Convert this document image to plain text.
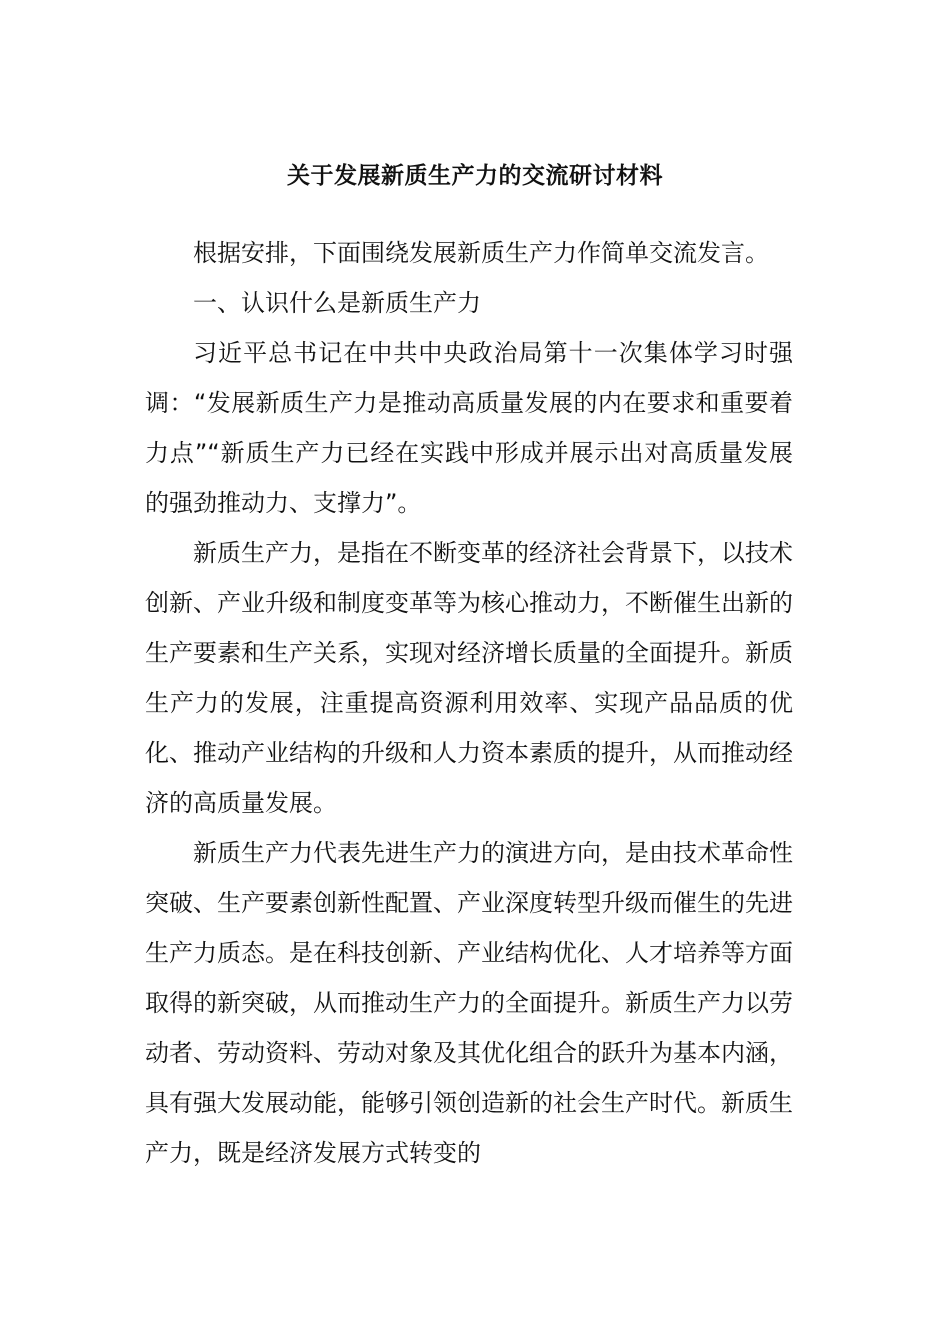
关于发展新质生产力的交流研讨材料

根据安排，下面围绕发展新质生产力作简单交流发言。

一、认识什么是新质生产力

习近平总书记在中共中央政治局第十一次集体学习时强调：“发展新质生产力是推动高质量发展的内在要求和重要着力点”“新质生产力已经在实践中形成并展示出对高质量发展的强劲推动力、支撑力”。

新质生产力，是指在不断变革的经济社会背景下，以技术创新、产业升级和制度变革等为核心推动力，不断催生出新的生产要素和生产关系，实现对经济增长质量的全面提升。新质生产力的发展，注重提高资源利用效率、实现产品品质的优化、推动产业结构的升级和人力资本素质的提升，从而推动经济的高质量发展。

新质生产力代表先进生产力的演进方向，是由技术革命性突破、生产要素创新性配置、产业深度转型升级而催生的先进生产力质态。是在科技创新、产业结构优化、人才培养等方面取得的新突破，从而推动生产力的全面提升。新质生产力以劳动者、劳动资料、劳动对象及其优化组合的跃升为基本内涵，具有强大发展动能，能够引领创造新的社会生产时代。新质生产力，既是经济发展方式转变的
